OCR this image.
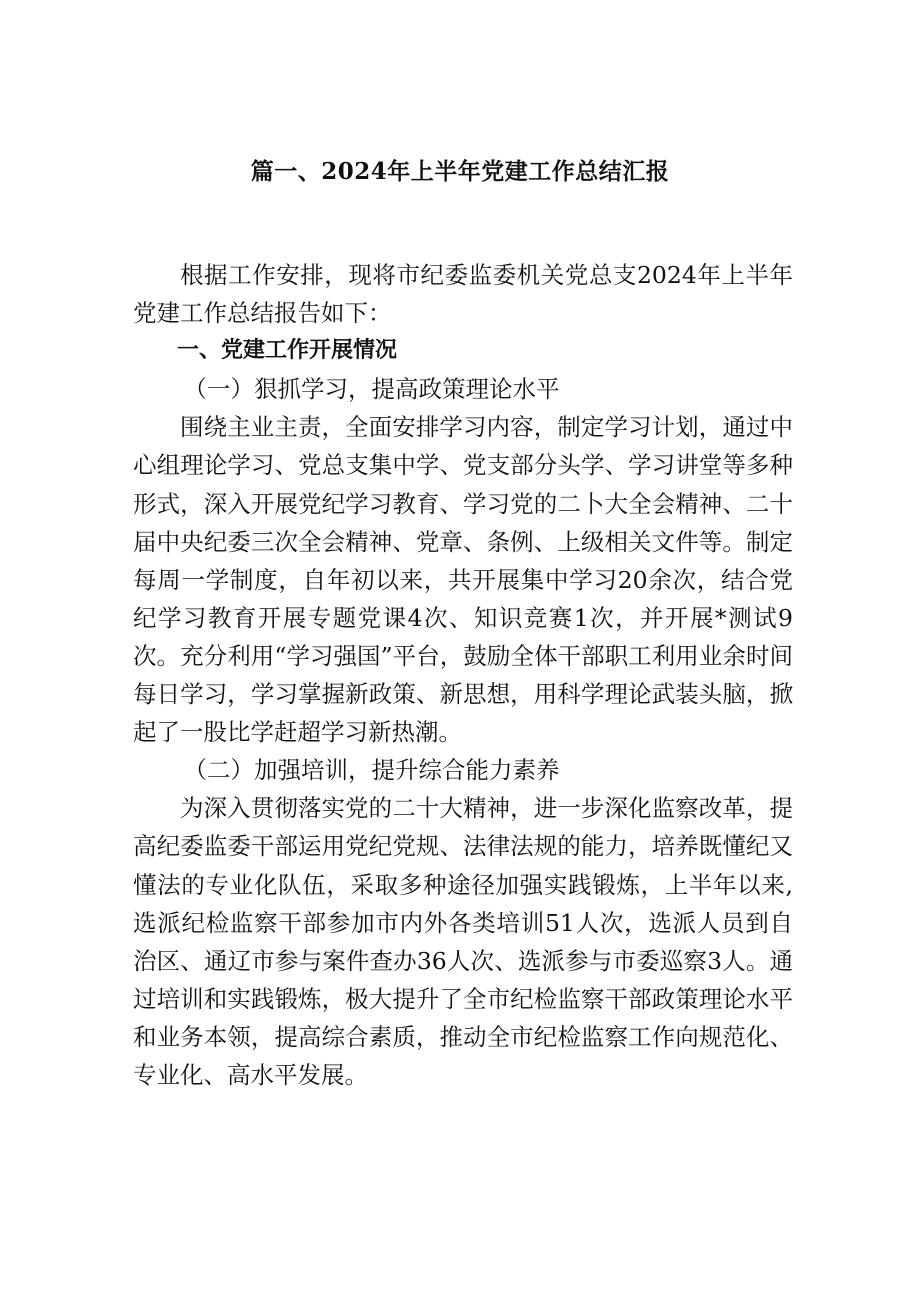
篇一、2024年上半年党建工作总结汇报

根据工作安排，现将市纪委监委机关党总支2024年上半年党建工作总结报告如下：

一、党建工作开展情况

（一）狠抓学习，提高政策理论水平

围绕主业主责，全面安排学习内容，制定学习计划，通过中心组理论学习、党总支集中学、党支部分头学、学习讲堂等多种形式，深入开展党纪学习教育、学习党的二卜大全会精神、二十届中央纪委三次全会精神、党章、条例、上级相关文件等。制定每周一学制度，自年初以来，共开展集中学习20余次，结合党纪学习教育开展专题党课4次、知识竞赛1次，并开展*测试9次。充分利用“学习强国”平台，鼓励全体干部职工利用业余时间每日学习，学习掌握新政策、新思想，用科学理论武装头脑，掀起了一股比学赶超学习新热潮。

（二）加强培训，提升综合能力素养

为深入贯彻落实党的二十大精神，进一步深化监察改革，提高纪委监委干部运用党纪党规、法律法规的能力，培养既懂纪又懂法的专业化队伍，采取多种途径加强实践锻炼，上半年以来,选派纪检监察干部参加市内外各类培训51人次，选派人员到自治区、通辽市参与案件查办36人次、选派参与市委巡察3人。通过培训和实践锻炼，极大提升了全市纪检监察干部政策理论水平和业务本领，提高综合素质，推动全市纪检监察工作向规范化、专业化、高水平发展。
